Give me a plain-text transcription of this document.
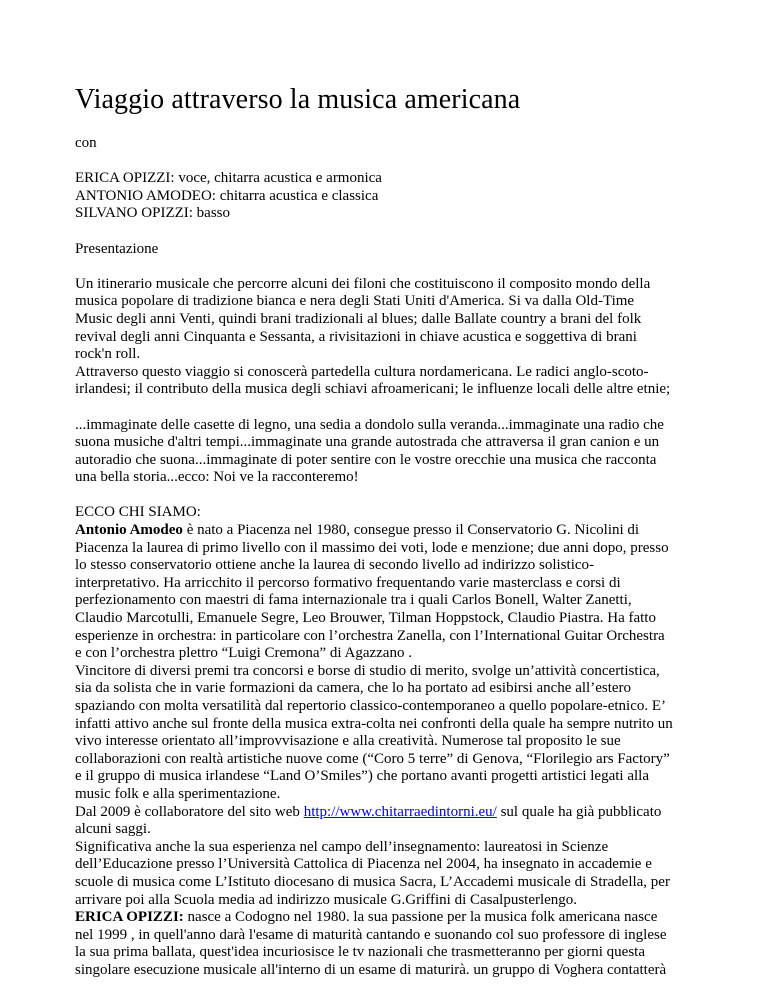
Viaggio attraverso la musica americana

con

ERICA OPIZZI: voce, chitarra acustica e armonica
ANTONIO AMODEO: chitarra acustica e classica
SILVANO OPIZZI: basso

Presentazione

Un itinerario musicale che percorre alcuni dei filoni che costituiscono il composito mondo della
musica popolare di tradizione bianca e nera degli Stati Uniti d'America. Si va dalla Old-Time
Music degli anni Venti, quindi brani tradizionali al blues; dalle Ballate country a brani del folk
revival degli anni Cinquanta e Sessanta, a rivisitazioni in chiave acustica e soggettiva di brani
rock'n roll.
Attraverso questo viaggio si conoscerà partedella cultura nordamericana. Le radici anglo-scoto-
irlandesi; il contributo della musica degli schiavi afroamericani; le influenze locali delle altre etnie;
...immaginate delle casette di legno, una sedia a dondolo sulla veranda...immaginate una radio che
suona musiche d'altri tempi...immaginate una grande autostrada che attraversa il gran canion e un
autoradio che suona...immaginate di poter sentire con le vostre orecchie una musica che racconta
una bella storia...ecco: Noi ve la racconteremo!

ECCO CHI SIAMO:

Antonio Amodeo è nato a Piacenza nel 1980, consegue presso il Conservatorio G. Nicolini di
Piacenza la laurea di primo livello con il massimo dei voti, lode e menzione; due anni dopo, presso
lo stesso conservatorio ottiene anche la laurea di secondo livello ad indirizzo solistico-
interpretativo. Ha arricchito il percorso formativo frequentando varie masterclass e corsi di
perfezionamento con maestri di fama internazionale tra i quali Carlos Bonell, Walter Zanetti,
Claudio Marcotulli, Emanuele Segre, Leo Brouwer, Tilman Hoppstock, Claudio Piastra. Ha fatto
esperienze in orchestra: in particolare con l’orchestra Zanella, con l’International Guitar Orchestra
e con l’orchestra plettro “Luigi Cremona” di Agazzano .
Vincitore di diversi premi tra concorsi e borse di studio di merito, svolge un’attività concertistica,
sia da solista che in varie formazioni da camera, che lo ha portato ad esibirsi anche all’estero
spaziando con molta versatilità dal repertorio classico-contemporaneo a quello popolare-etnico. E’
infatti attivo anche sul fronte della musica extra-colta nei confronti della quale ha sempre nutrito un
vivo interesse orientato all’improvvisazione e alla creatività. Numerose tal proposito le sue
collaborazioni con realtà artistiche nuove come (“Coro 5 terre” di Genova, “Florilegio ars Factory”
e il gruppo di musica irlandese “Land O’Smiles”) che portano avanti progetti artistici legati alla
music folk e alla sperimentazione.
Dal 2009 è collaboratore del sito web http://www.chitarraedintorni.eu/ sul quale ha già pubblicato
alcuni saggi.
Significativa anche la sua esperienza nel campo dell’insegnamento: laureatosi in Scienze
dell’Educazione presso l’Università Cattolica di Piacenza nel 2004, ha insegnato in accademie e
scuole di musica come L’Istituto diocesano di musica Sacra, L’Accademi musicale di Stradella, per
arrivare poi alla Scuola media ad indirizzo musicale G.Griffini di Casalpusterlengo.
ERICA OPIZZI: nasce a Codogno nel 1980. la sua passione per la musica folk americana nasce
nel 1999 , in quell'anno darà l'esame di maturità cantando e suonando col suo professore di inglese
la sua prima ballata, quest'idea incuriosisce le tv nazionali che trasmetteranno per giorni questa
singolare esecuzione musicale all'interno di un esame di maturirà. un gruppo di Voghera contatterà
